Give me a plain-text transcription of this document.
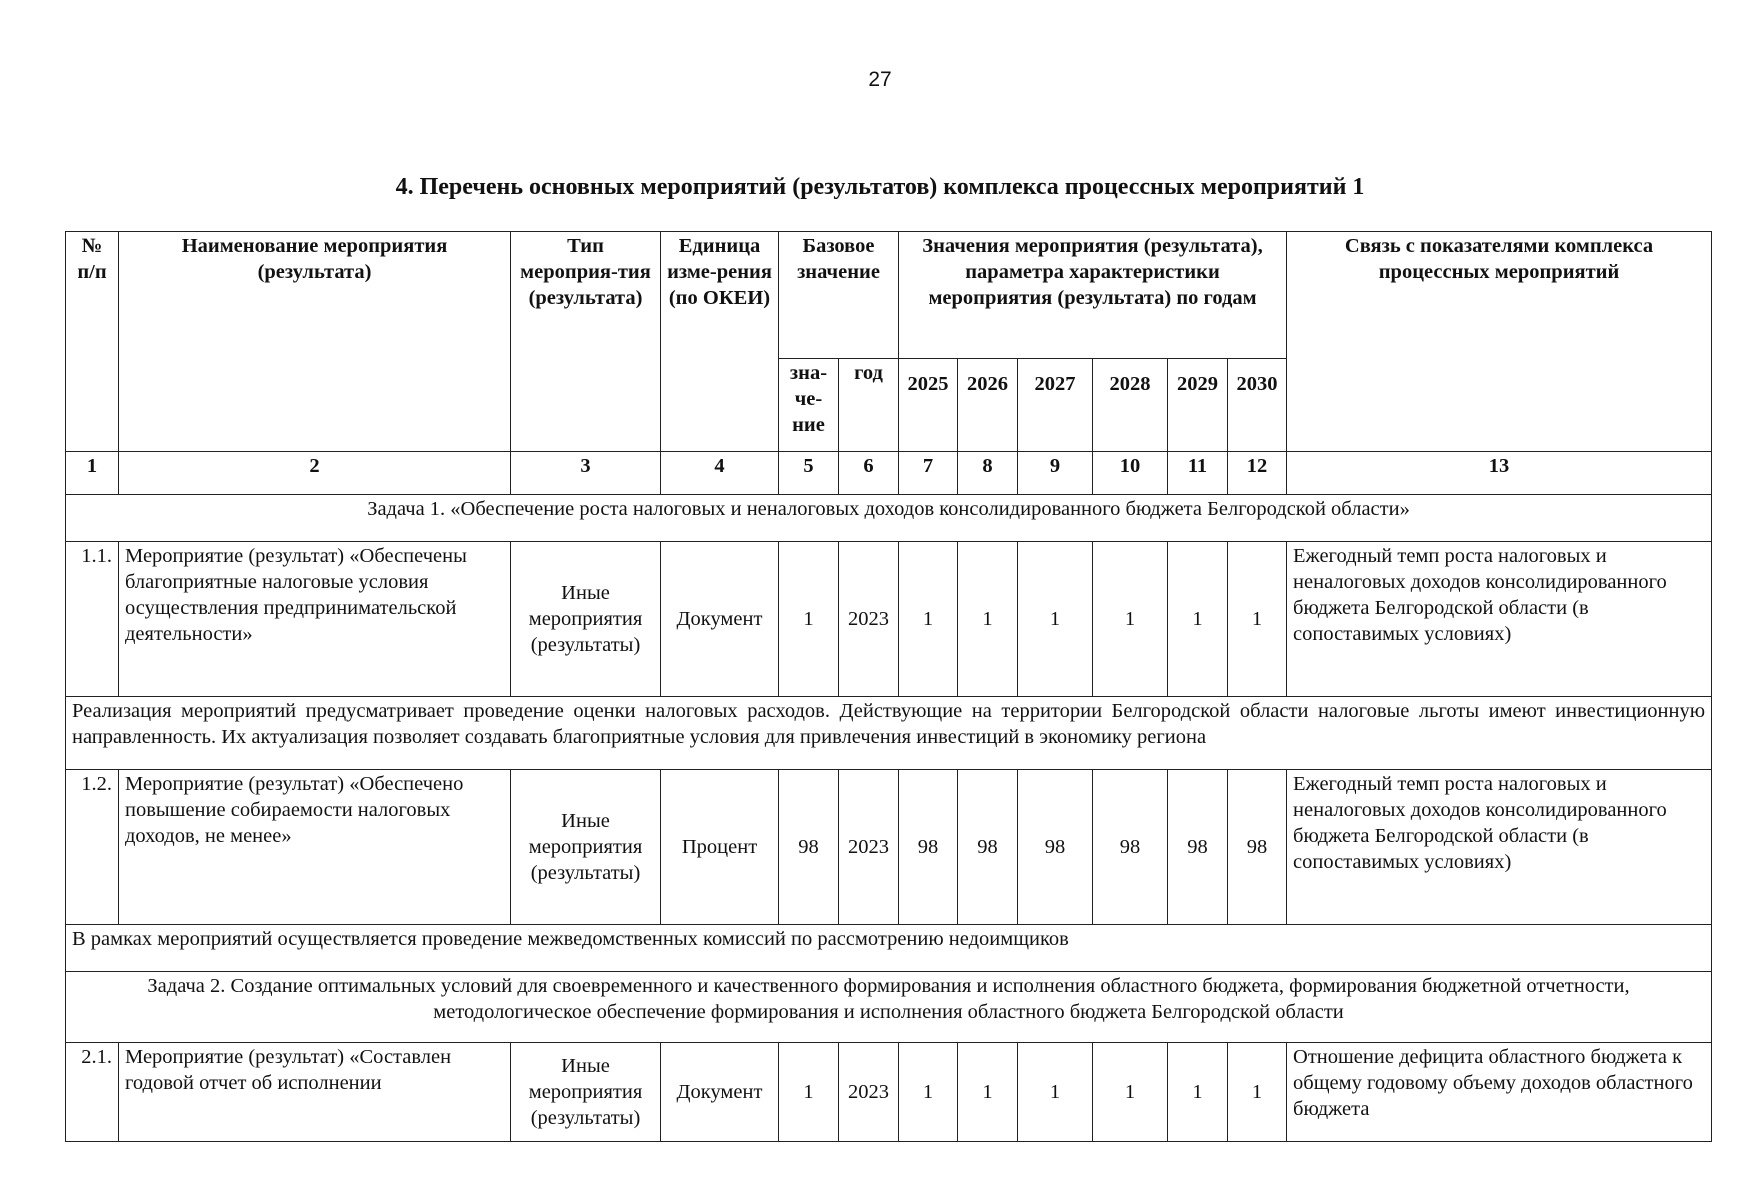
27
4. Перечень основных мероприятий (результатов) комплекса процессных мероприятий 1
№ п/п	Наименование мероприятия (результата)	Тип мероприя-тия (результата)	Единица изме-рения (по ОКЕИ)	Базовое значение		Значения мероприятия (результата), параметра характеристики мероприятия (результата) по годам						Связь с показателями комплекса процессных мероприятий
				зна-че-ние	год	2025	2026	2027	2028	2029	2030	
1	2	3	4	5	6	7	8	9	10	11	12	13
Задача 1. «Обеспечение роста налоговых и неналоговых доходов консолидированного бюджета Белгородской области»												
1.1.	Мероприятие (результат) «Обеспечены благоприятные налоговые условия осуществления предпринимательской деятельности»	Иные мероприятия (результаты)	Документ	1	2023	1	1	1	1	1	1	Ежегодный темп роста налоговых и неналоговых доходов консолидированного бюджета Белгородской области (в сопоставимых условиях)
Реализация мероприятий предусматривает проведение оценки налоговых расходов. Действующие на территории Белгородской области налоговые льготы имеют инвестиционную направленность. Их актуализация позволяет создавать благоприятные условия для привлечения инвестиций в экономику региона												
1.2.	Мероприятие (результат) «Обеспечено повышение собираемости налоговых доходов, не менее»	Иные мероприятия (результаты)	Процент	98	2023	98	98	98	98	98	98	Ежегодный темп роста налоговых и неналоговых доходов консолидированного бюджета Белгородской области (в сопоставимых условиях)
В рамках мероприятий осуществляется проведение межведомственных комиссий по рассмотрению недоимщиков												
Задача 2. Создание оптимальных условий для своевременного и качественного формирования и исполнения областного бюджета, формирования бюджетной отчетности, методологическое обеспечение формирования и исполнения областного бюджета Белгородской области												
2.1.	Мероприятие (результат) «Составлен годовой отчет об исполнении	Иные мероприятия (результаты)	Документ	1	2023	1	1	1	1	1	1	Отношение дефицита областного бюджета к общему годовому объему доходов областного бюджета
